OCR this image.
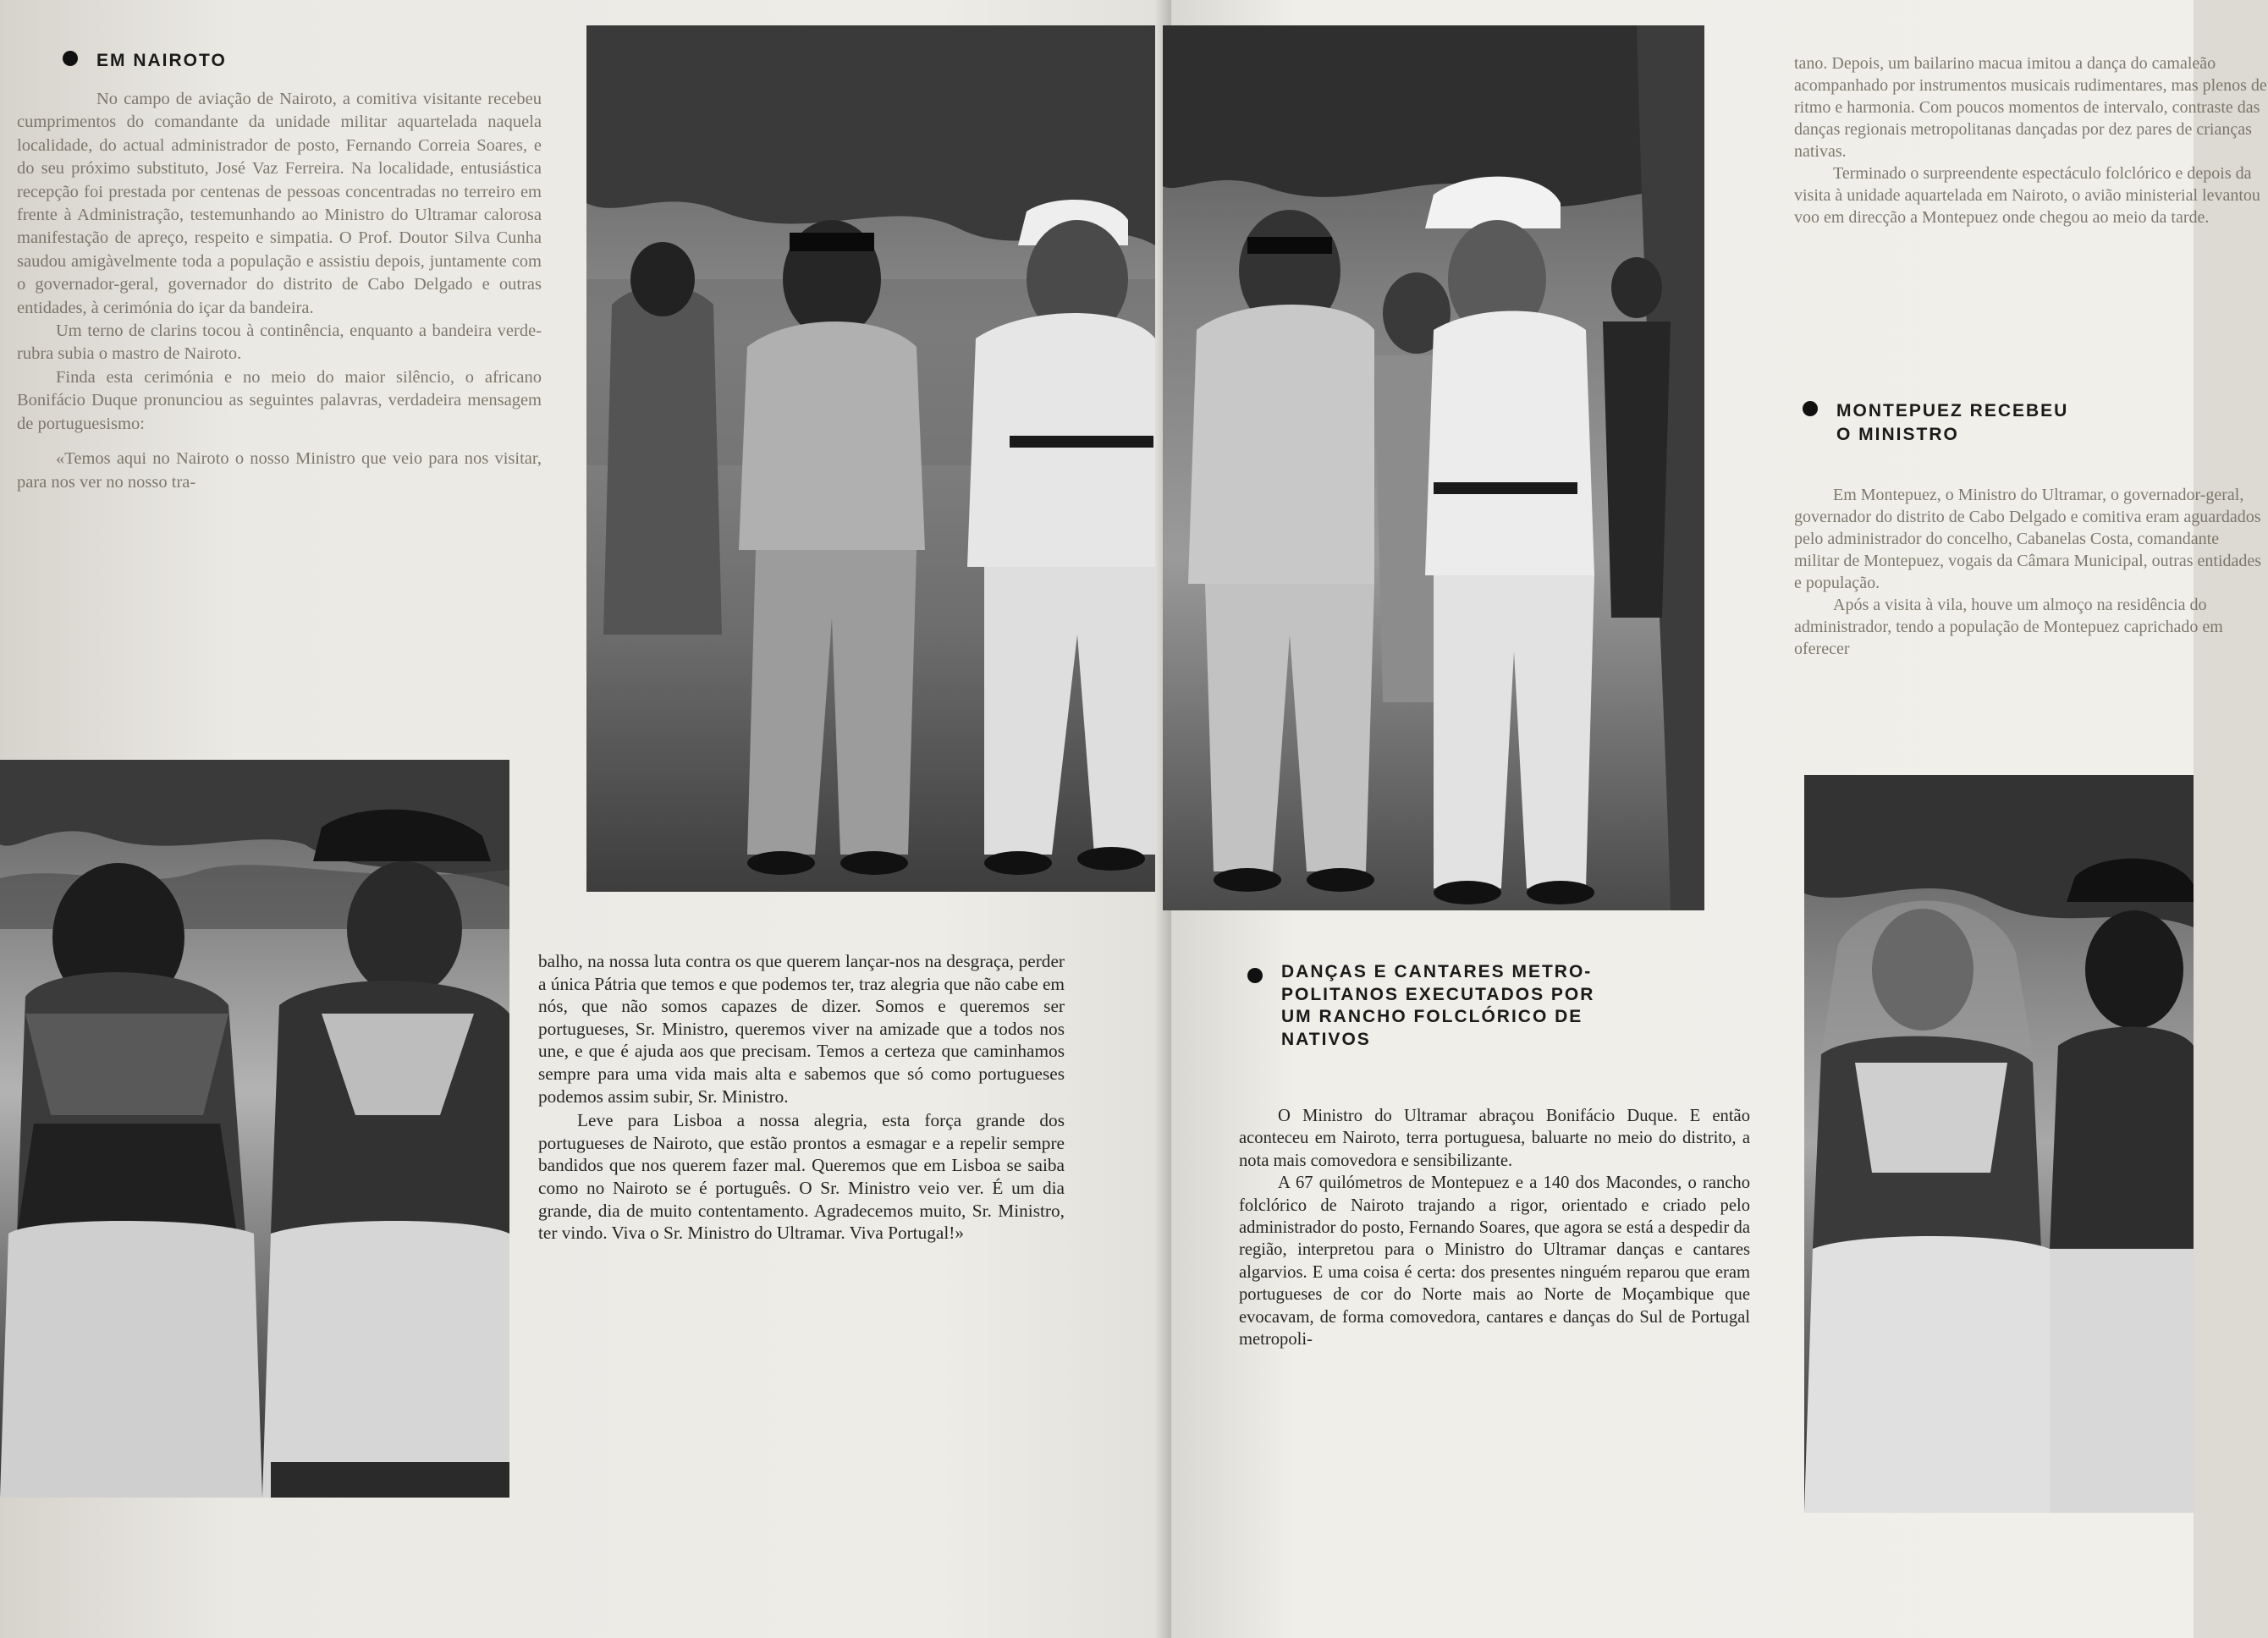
EM NAIROTO

No campo de aviação de Nairoto, a comitiva visitante recebeu cumprimentos do comandante da unidade militar aquartelada naquela localidade, do actual administrador de posto, Fernando Correia Soares, e do seu próximo substituto, José Vaz Ferreira. Na localidade, entusiástica recepção foi prestada por centenas de pessoas concentradas no terreiro em frente à Administração, testemunhando ao Ministro do Ultramar calorosa manifestação de apreço, respeito e simpatia. O Prof. Doutor Silva Cunha saudou amigàvelmente toda a população e assistiu depois, juntamente com o governador-geral, governador do distrito de Cabo Delgado e outras entidades, à cerimónia do içar da bandeira.

Um terno de clarins tocou à continência, enquanto a bandeira verde-rubra subia o mastro de Nairoto.

Finda esta cerimónia e no meio do maior silêncio, o africano Bonifácio Duque pronunciou as seguintes palavras, verdadeira mensagem de portuguesismo:

«Temos aqui no Nairoto o nosso Ministro que veio para nos visitar, para nos ver no nosso tra-

balho, na nossa luta contra os que querem lançar-nos na desgraça, perder a única Pátria que temos e que podemos ter, traz alegria que não cabe em nós, que não somos capazes de dizer. Somos e queremos ser portugueses, Sr. Ministro, queremos viver na amizade que a todos nos une, e que é ajuda aos que precisam. Temos a certeza que caminhamos sempre para uma vida mais alta e sabemos que só como portugueses podemos assim subir, Sr. Ministro.

Leve para Lisboa a nossa alegria, esta força grande dos portugueses de Nairoto, que estão prontos a esmagar e a repelir sempre bandidos que nos querem fazer mal. Queremos que em Lisboa se saiba como no Nairoto se é português. O Sr. Ministro veio ver. É um dia grande, dia de muito contentamento. Agradecemos muito, Sr. Ministro, ter vindo. Viva o Sr. Ministro do Ultramar. Viva Portugal!»

tano. Depois, um bailarino macua imitou a dança do camaleão acompanhado por instrumentos musicais rudimentares, mas plenos de ritmo e harmonia. Com poucos momentos de intervalo, contraste das danças regionais metropolitanas dançadas por dez pares de crianças nativas.

Terminado o surpreendente espectáculo folclórico e depois da visita à unidade aquartelada em Nairoto, o avião ministerial levantou voo em direcção a Montepuez onde chegou ao meio da tarde.

MONTEPUEZ RECEBEU
O MINISTRO

Em Montepuez, o Ministro do Ultramar, o governador-geral, governador do distrito de Cabo Delgado e comitiva eram aguardados pelo administrador do concelho, Cabanelas Costa, comandante militar de Montepuez, vogais da Câmara Municipal, outras entidades e população.

Após a visita à vila, houve um almoço na residência do administrador, tendo a população de Montepuez caprichado em oferecer

DANÇAS E CANTARES METRO-
POLITANOS EXECUTADOS POR
UM RANCHO FOLCLÓRICO DE
NATIVOS

O Ministro do Ultramar abraçou Bonifácio Duque. E então aconteceu em Nairoto, terra portuguesa, baluarte no meio do distrito, a nota mais comovedora e sensibilizante.

A 67 quilómetros de Montepuez e a 140 dos Macondes, o rancho folclórico de Nairoto trajando a rigor, orientado e criado pelo administrador do posto, Fernando Soares, que agora se está a despedir da região, interpretou para o Ministro do Ultramar danças e cantares algarvios. E uma coisa é certa: dos presentes ninguém reparou que eram portugueses de cor do Norte mais ao Norte de Moçambique que evocavam, de forma comovedora, cantares e danças do Sul de Portugal metropoli-
